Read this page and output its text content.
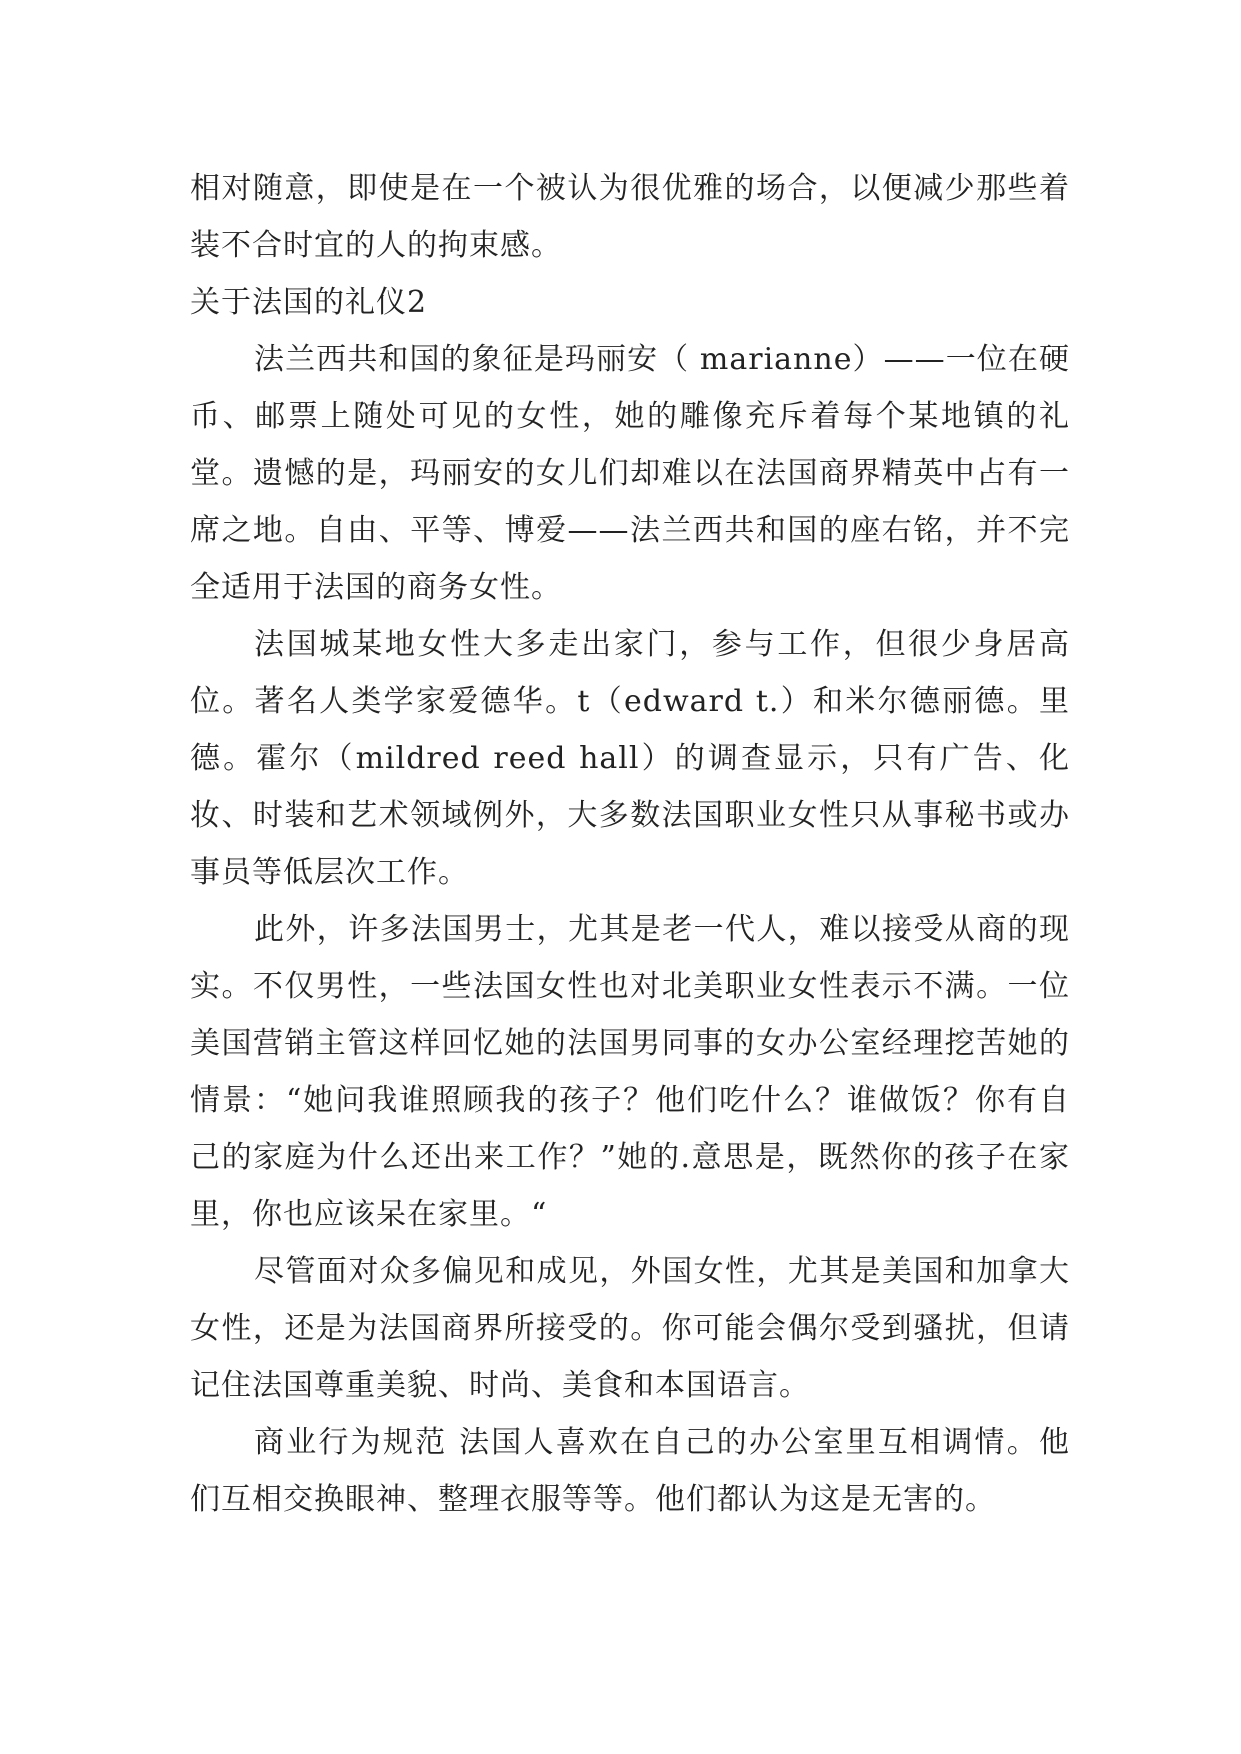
相对随意，即使是在一个被认为很优雅的场合，以便减少那些着装不合时宜的人的拘束感。

关于法国的礼仪2

法兰西共和国的象征是玛丽安（ marianne）——一位在硬币、邮票上随处可见的女性，她的雕像充斥着每个某地镇的礼堂。遗憾的是，玛丽安的女儿们却难以在法国商界精英中占有一席之地。自由、平等、博爱——法兰西共和国的座右铭，并不完全适用于法国的商务女性。

法国城某地女性大多走出家门，参与工作，但很少身居高位。著名人类学家爱德华。t（edward t.）和米尔德丽德。里德。霍尔（mildred reed hall）的调查显示，只有广告、化妆、时装和艺术领域例外，大多数法国职业女性只从事秘书或办事员等低层次工作。

此外，许多法国男士，尤其是老一代人，难以接受从商的现实。不仅男性，一些法国女性也对北美职业女性表示不满。一位美国营销主管这样回忆她的法国男同事的女办公室经理挖苦她的情景：“她问我谁照顾我的孩子？他们吃什么？谁做饭？你有自己的家庭为什么还出来工作？”她的.意思是，既然你的孩子在家里，你也应该呆在家里。“

尽管面对众多偏见和成见，外国女性，尤其是美国和加拿大女性，还是为法国商界所接受的。你可能会偶尔受到骚扰，但请记住法国尊重美貌、时尚、美食和本国语言。

商业行为规范 法国人喜欢在自己的办公室里互相调情。他们互相交换眼神、整理衣服等等。他们都认为这是无害的。
